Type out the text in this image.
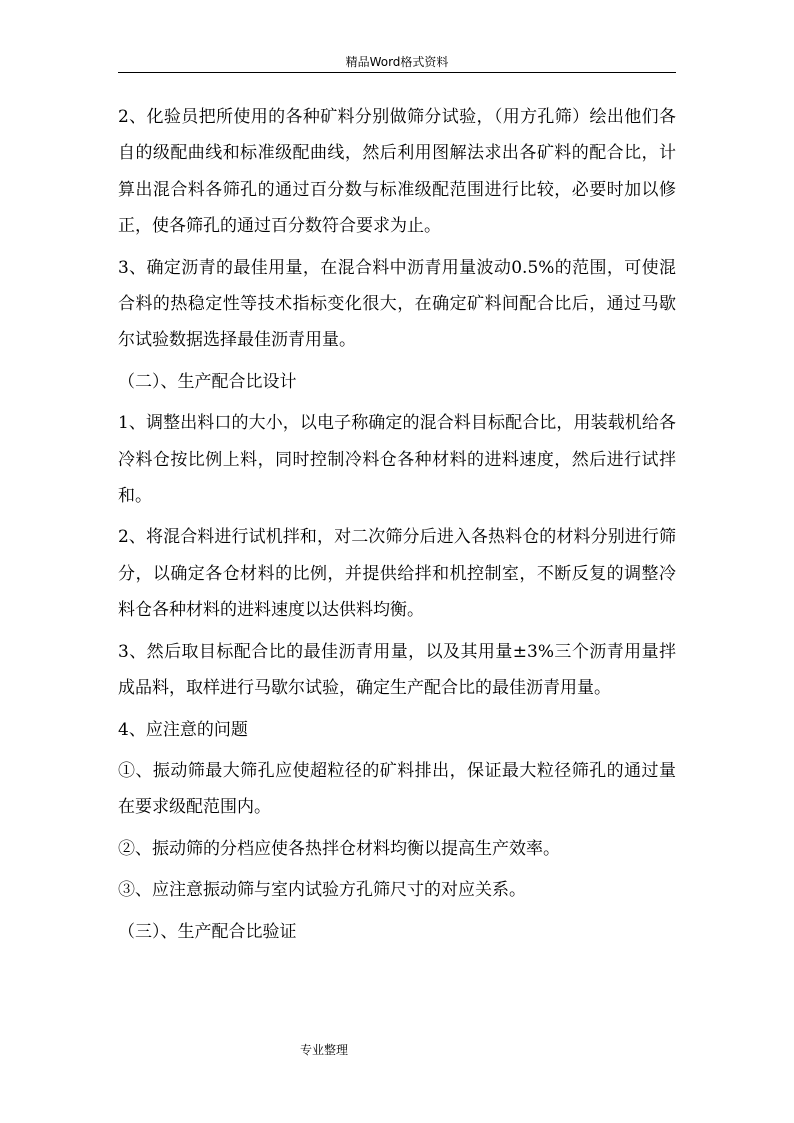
精品Word格式资料

2、化验员把所使用的各种矿料分别做筛分试验，（用方孔筛）绘出他们各自的级配曲线和标准级配曲线，然后利用图解法求出各矿料的配合比，计算出混合料各筛孔的通过百分数与标准级配范围进行比较，必要时加以修正，使各筛孔的通过百分数符合要求为止。

3、确定沥青的最佳用量，在混合料中沥青用量波动0.5%的范围，可使混合料的热稳定性等技术指标变化很大，在确定矿料间配合比后，通过马歇尔试验数据选择最佳沥青用量。

（二）、生产配合比设计

1、调整出料口的大小，以电子称确定的混合料目标配合比，用装载机给各冷料仓按比例上料，同时控制冷料仓各种材料的进料速度，然后进行试拌和。

2、将混合料进行试机拌和，对二次筛分后进入各热料仓的材料分别进行筛分，以确定各仓材料的比例，并提供给拌和机控制室，不断反复的调整冷料仓各种材料的进料速度以达供料均衡。

3、然后取目标配合比的最佳沥青用量，以及其用量±3%三个沥青用量拌成品料，取样进行马歇尔试验，确定生产配合比的最佳沥青用量。

4、应注意的问题

①、振动筛最大筛孔应使超粒径的矿料排出，保证最大粒径筛孔的通过量在要求级配范围内。

②、振动筛的分档应使各热拌仓材料均衡以提高生产效率。

③、应注意振动筛与室内试验方孔筛尺寸的对应关系。

（三）、生产配合比验证

专业整理
